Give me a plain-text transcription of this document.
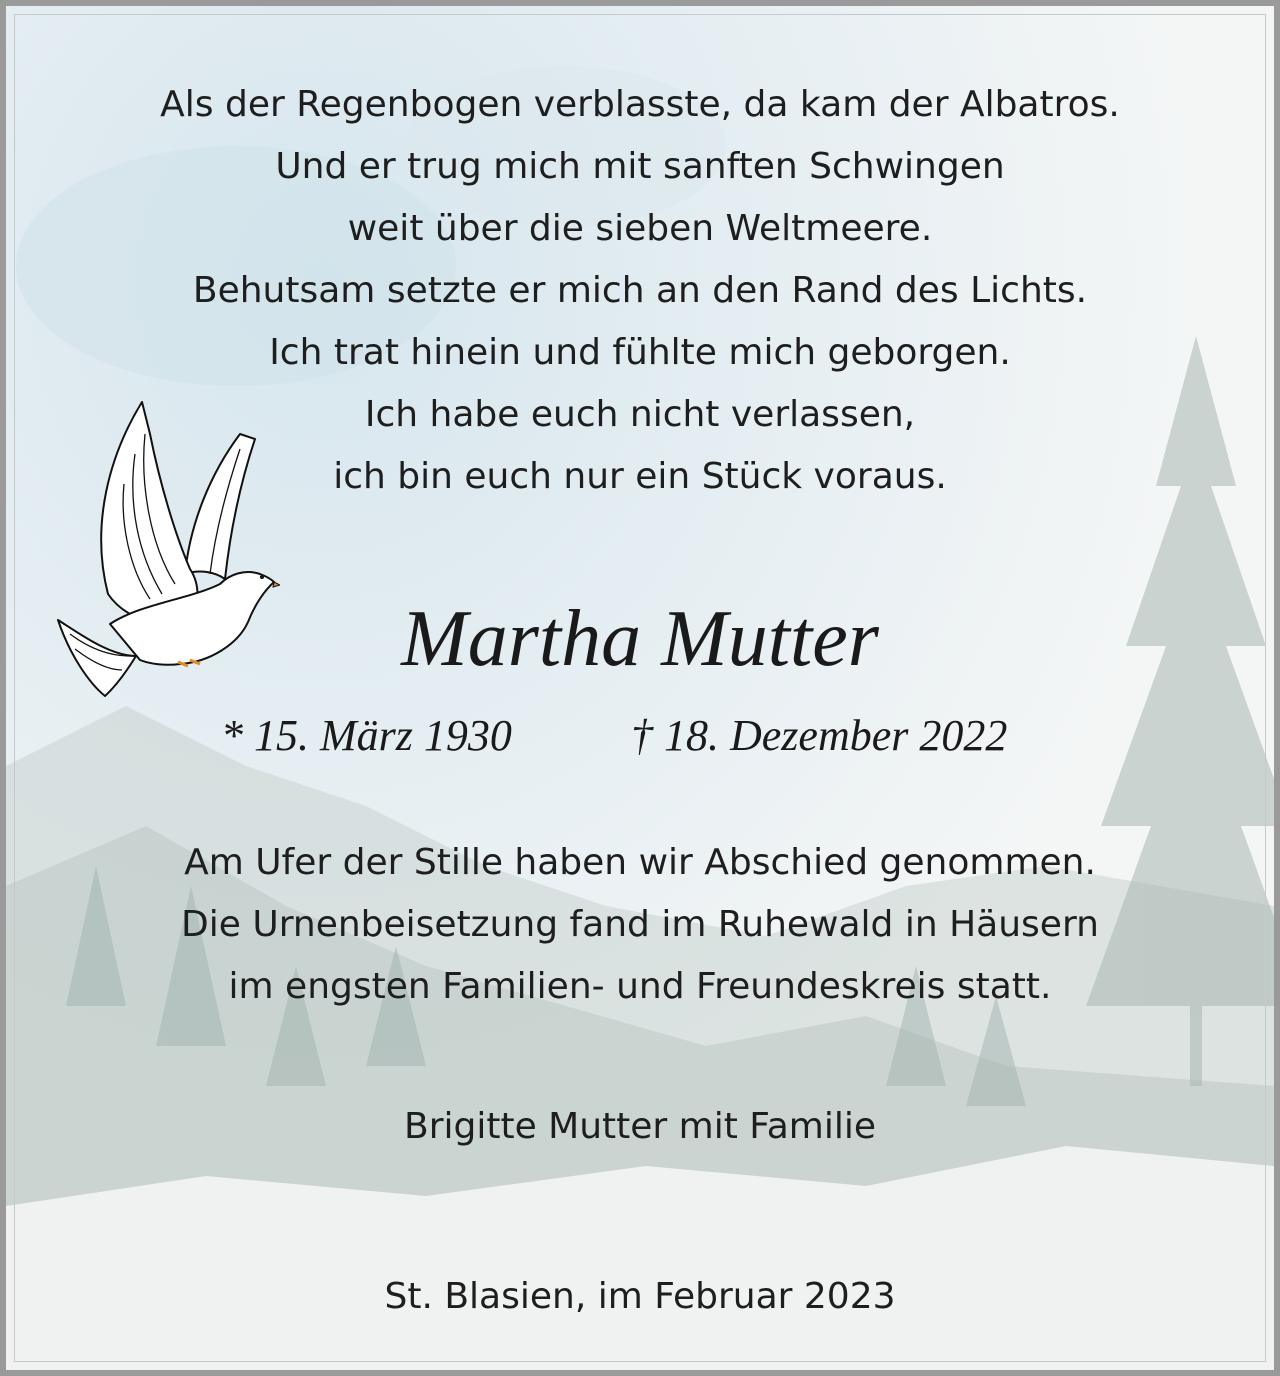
Als der Regenbogen verblasste, da kam der Albatros.
Und er trug mich mit sanften Schwingen
weit über die sieben Weltmeere.
Behutsam setzte er mich an den Rand des Lichts.
Ich trat hinein und fühlte mich geborgen.
Ich habe euch nicht verlassen,
ich bin euch nur ein Stück voraus.
Martha Mutter
* 15. März 1930	† 18. Dezember 2022
Am Ufer der Stille haben wir Abschied genommen.
Die Urnenbeisetzung fand im Ruhewald in Häusern
im engsten Familien- und Freundeskreis statt.
Brigitte Mutter mit Familie
St. Blasien, im Februar 2023
